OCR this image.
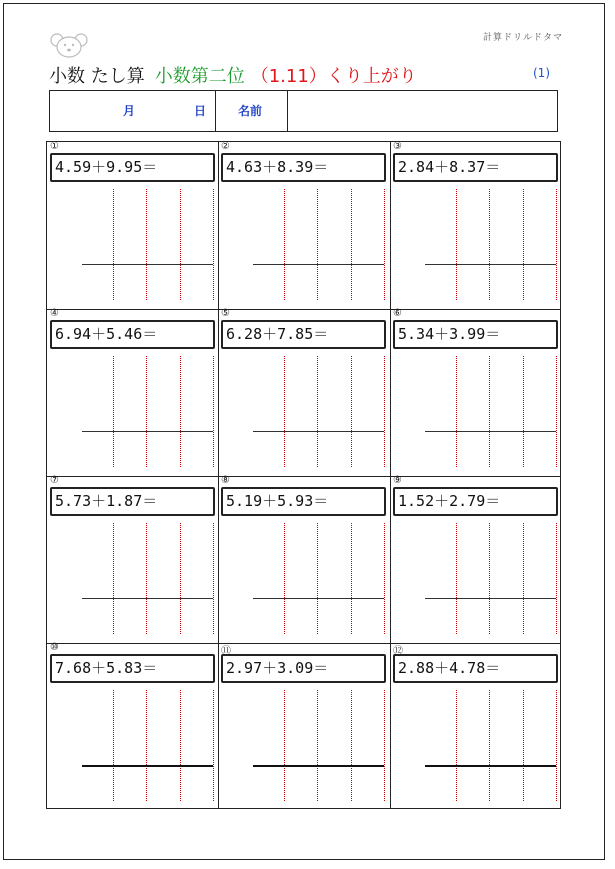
計算ドリルドタマ
小数 たし算 小数第二位 （1.11）くり上がり	(1)
月	日	名前
①
4.59＋9.95＝
②
4.63＋8.39＝
③
2.84＋8.37＝
④
6.94＋5.46＝
⑤
6.28＋7.85＝
⑥
5.34＋3.99＝
⑦
5.73＋1.87＝
⑧
5.19＋5.93＝
⑨
1.52＋2.79＝
⑩
7.68＋5.83＝
⑪
2.97＋3.09＝
⑫
2.88＋4.78＝
